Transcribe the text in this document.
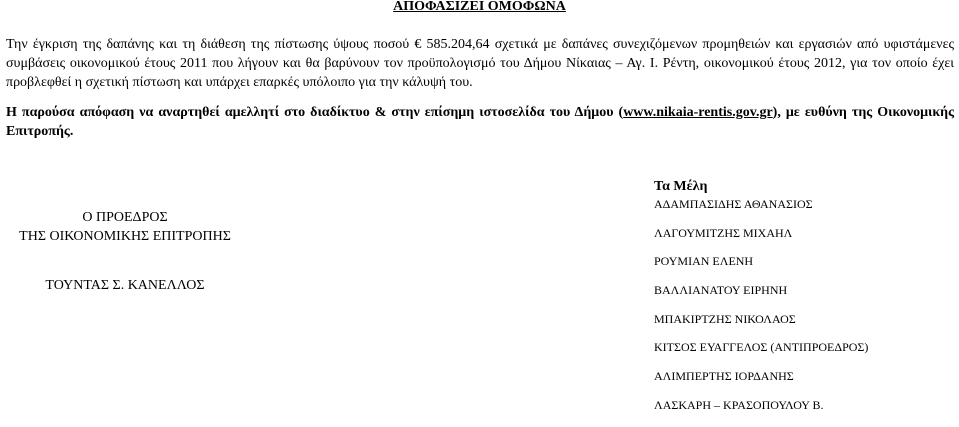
ΑΠΟΦΑΣΙΖΕΙ ΟΜΟΦΩΝΑ
Την έγκριση της δαπάνης και τη διάθεση της πίστωσης ύψους ποσού € 585.204,64 σχετικά με δαπάνες συνεχιζόμενων προμηθειών και εργασιών από υφιστάμενες συμβάσεις οικονομικού έτους 2011 που λήγουν και θα βαρύνουν τον προϋπολογισμό του Δήμου Νίκαιας – Αγ. Ι. Ρέντη, οικονομικού έτους 2012, για τον οποίο έχει προβλεφθεί η σχετική πίστωση και υπάρχει επαρκές υπόλοιπο για την κάλυψή του.
Η παρούσα απόφαση να αναρτηθεί αμελλητί στο διαδίκτυο & στην επίσημη ιστοσελίδα του Δήμου (www.nikaia-rentis.gov.gr), με ευθύνη της Οικονομικής Επιτροπής.
Ο ΠΡΟΕΔΡΟΣ
ΤΗΣ ΟΙΚΟΝΟΜΙΚΗΣ ΕΠΙΤΡΟΠΗΣ
ΤΟΥΝΤΑΣ Σ. ΚΑΝΕΛΛΟΣ
Τα Μέλη
ΑΔΑΜΠΑΣΙΔΗΣ ΑΘΑΝΑΣΙΟΣ
ΛΑΓΟΥΜΙΤΖΗΣ ΜΙΧΑΗΛ
ΡΟΥΜΙΑΝ ΕΛΕΝΗ
ΒΑΛΛΙΑΝΑΤΟΥ ΕΙΡΗΝΗ
ΜΠΑΚΙΡΤΖΗΣ ΝΙΚΟΛΑΟΣ
ΚΙΤΣΟΣ ΕΥΑΓΓΕΛΟΣ (ΑΝΤΙΠΡΟΕΔΡΟΣ)
ΑΛΙΜΠΕΡΤΗΣ ΙΟΡΔΑΝΗΣ
ΛΑΣΚΑΡΗ – ΚΡΑΣΟΠΟΥΛΟΥ Β.
